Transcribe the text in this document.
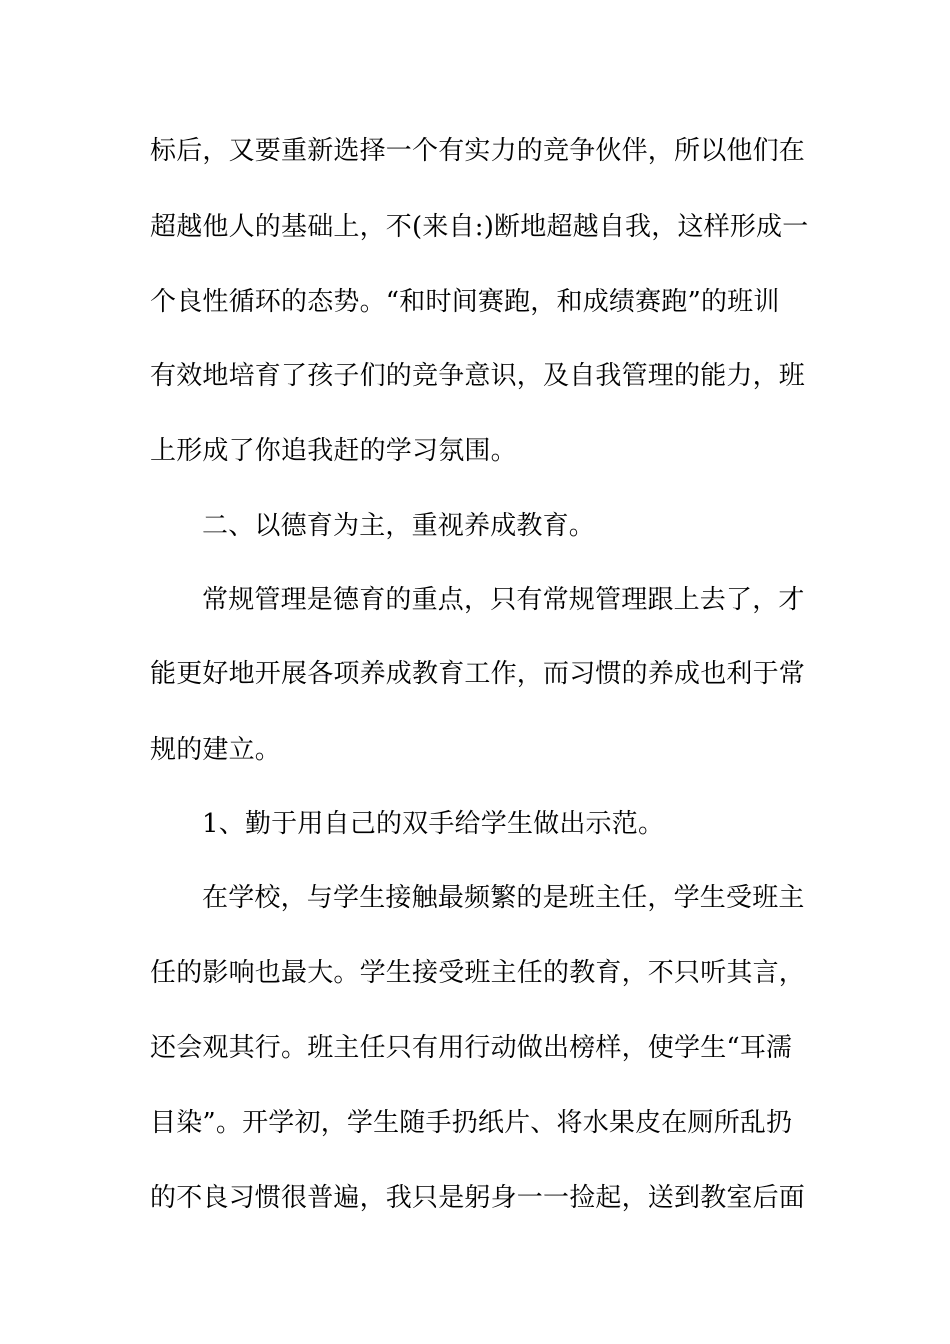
标后，又要重新选择一个有实力的竞争伙伴，所以他们在

超越他人的基础上，不(来自:)断地超越自我，这样形成一

个良性循环的态势。“和时间赛跑，和成绩赛跑”的班训

有效地培育了孩子们的竞争意识，及自我管理的能力，班

上形成了你追我赶的学习氛围。

二、以德育为主，重视养成教育。

常规管理是德育的重点，只有常规管理跟上去了，才

能更好地开展各项养成教育工作，而习惯的养成也利于常

规的建立。

1、勤于用自己的双手给学生做出示范。

在学校，与学生接触最频繁的是班主任，学生受班主

任的影响也最大。学生接受班主任的教育，不只听其言，

还会观其行。班主任只有用行动做出榜样，使学生“耳濡

目染”。开学初，学生随手扔纸片、将水果皮在厕所乱扔

的不良习惯很普遍，我只是躬身一一捡起，送到教室后面
